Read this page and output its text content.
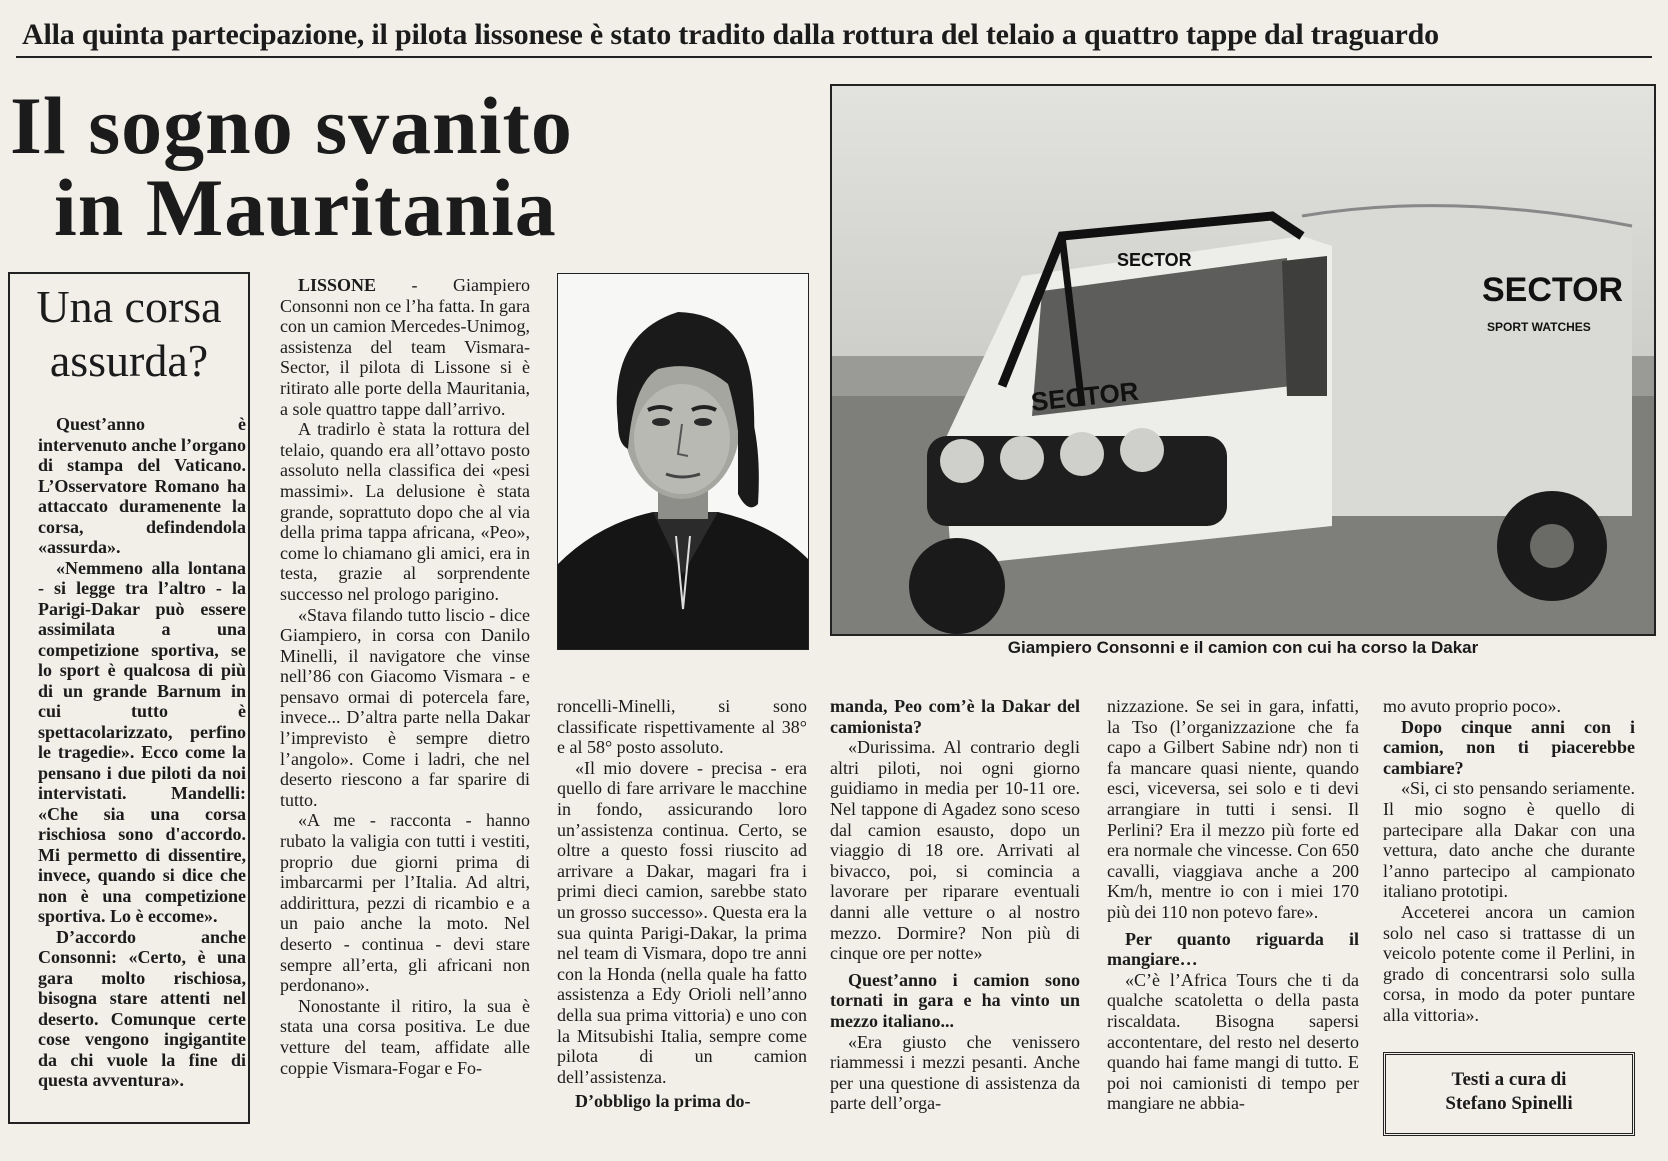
Alla quinta partecipazione, il pilota lissonese è stato tradito dalla rottura del telaio a quattro tappe dal traguardo
Il sogno svanito
in Mauritania
Una corsa
assurda?

Quest’anno è intervenuto anche l’organo di stampa del Vaticano. L’Osservatore Romano ha attaccato duramenente la corsa, defindendola «assurda».

«Nemmeno alla lontana - si legge tra l’altro - la Parigi-Dakar può essere assimilata a una competizione sportiva, se lo sport è qualcosa di più di un grande Barnum in cui tutto è spettacolarizzato, perfino le tragedie». Ecco come la pensano i due piloti da noi intervistati. Mandelli: «Che sia una corsa rischiosa sono d'accordo. Mi permetto di dissentire, invece, quando si dice che non è una competizione sportiva. Lo è eccome».

D’accordo anche Consonni: «Certo, è una gara molto rischiosa, bisogna stare attenti nel deserto. Comunque certe cose vengono ingigantite da chi vuole la fine di questa avventura».

LISSONE - Giampiero Consonni non ce l’ha fatta. In gara con un camion Mercedes-Unimog, assistenza del team Vismara-Sector, il pilota di Lissone si è ritirato alle porte della Mauritania, a sole quattro tappe dall’arrivo.

A tradirlo è stata la rottura del telaio, quando era all’ottavo posto assoluto nella classifica dei «pesi massimi». La delusione è stata grande, soprattuto dopo che al via della prima tappa africana, «Peo», come lo chiamano gli amici, era in testa, grazie al sorprendente successo nel prologo parigino.

«Stava filando tutto liscio - dice Giampiero, in corsa con Danilo Minelli, il navigatore che vinse nell’86 con Giacomo Vismara - e pensavo ormai di potercela fare, invece... D’altra parte nella Dakar l’imprevisto è sempre dietro l’angolo». Come i ladri, che nel deserto riescono a far sparire di tutto.

«A me - racconta - hanno rubato la valigia con tutti i vestiti, proprio due giorni prima di imbarcarmi per l’Italia. Ad altri, addirittura, pezzi di ricambio e a un paio anche la moto. Nel deserto - continua - devi stare sempre all’erta, gli africani non perdonano».

Nonostante il ritiro, la sua è stata una corsa positiva. Le due vetture del team, affidate alle coppie Vismara-Fogar e Fo-

SECTOR
SECTOR
SECTOR
SPORT WATCHES
Giampiero Consonni e il camion con cui ha corso la Dakar

roncelli-Minelli, si sono classificate rispettivamente al 38° e al 58° posto assoluto.

«Il mio dovere - precisa - era quello di fare arrivare le macchine in fondo, assicurando loro un’assistenza continua. Certo, se oltre a questo fossi riuscito ad arrivare a Dakar, magari fra i primi dieci camion, sarebbe stato un grosso successo». Questa era la sua quinta Parigi-Dakar, la prima nel team di Vismara, dopo tre anni con la Honda (nella quale ha fatto assistenza a Edy Orioli nell’anno della sua prima vittoria) e uno con la Mitsubishi Italia, sempre come pilota di un camion dell’assistenza.

D’obbligo la prima do-

manda, Peo com’è la Dakar del camionista?

«Durissima. Al contrario degli altri piloti, noi ogni giorno guidiamo in media per 10-11 ore. Nel tappone di Agadez sono sceso dal camion esausto, dopo un viaggio di 18 ore. Arrivati al bivacco, poi, si comincia a lavorare per riparare eventuali danni alle vetture o al nostro mezzo. Dormire? Non più di cinque ore per notte»

Quest’anno i camion sono tornati in gara e ha vinto un mezzo italiano...

«Era giusto che venissero riammessi i mezzi pesanti. Anche per una questione di assistenza da parte dell’orga-

nizzazione. Se sei in gara, infatti, la Tso (l’organizzazione che fa capo a Gilbert Sabine ndr) non ti fa mancare quasi niente, quando esci, viceversa, sei solo e ti devi arrangiare in tutti i sensi. Il Perlini? Era il mezzo più forte ed era normale che vincesse. Con 650 cavalli, viaggiava anche a 200 Km/h, mentre io con i miei 170 più dei 110 non potevo fare».

Per quanto riguarda il mangiare…

«C’è l’Africa Tours che ti da qualche scatoletta o della pasta riscaldata. Bisogna sapersi accontentare, del resto nel deserto quando hai fame mangi di tutto. E poi noi camionisti di tempo per mangiare ne abbia-

mo avuto proprio poco».

Dopo cinque anni con i camion, non ti piacerebbe cambiare?

«Si, ci sto pensando seriamente. Il mio sogno è quello di partecipare alla Dakar con una vettura, dato anche che durante l’anno partecipo al campionato italiano prototipi.

Acceterei ancora un camion solo nel caso si trattasse di un veicolo potente come il Perlini, in grado di concentrarsi solo sulla corsa, in modo da poter puntare alla vittoria».

Testi a cura di
Stefano Spinelli
